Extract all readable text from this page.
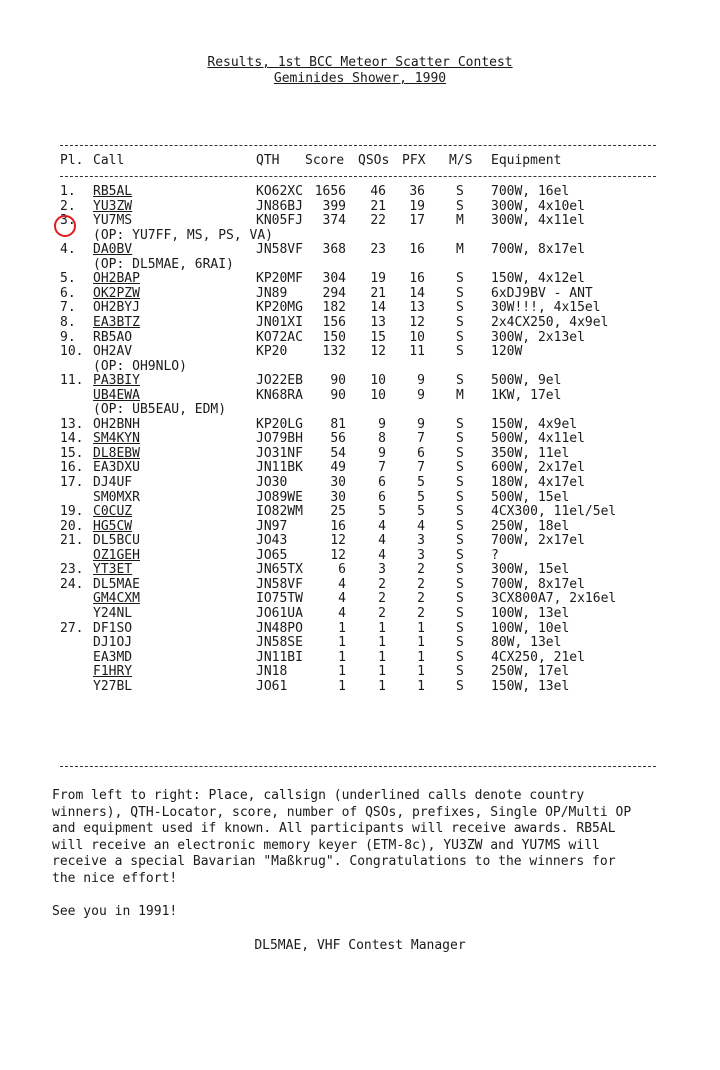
Results, 1st BCC Meteor Scatter Contest
Geminides Shower, 1990
Pl. Call	QTH Score QSOs PFX M/S Equipment
1. RB5AL	KO62XC 1656	46	36 S 700W, 16el
2. YU3ZW	JN86BJ	399	21	19 S 300W, 4x10el
3. YU7MS	KN05FJ	374	22	17 M 300W, 4x11el
(OP: YU7FF, MS, PS, VA)
4. DA0BV	JN58VF	368	23	16 M 700W, 8x17el
(OP: DL5MAE, 6RAI)
5. OH2BAP	KP20MF	304	19	16 S 150W, 4x12el
6. OK2PZW	JN89	294	21	14 S 6xDJ9BV - ANT
7. OH2BYJ	KP20MG	182	14	13 S 30W!!!, 4x15el
8. EA3BTZ	JN01XI	156	13	12 S 2x4CX250, 4x9el
9. RB5AO	KO72AC	150	15	10 S 300W, 2x13el
10. OH2AV	KP20	132	12	11 S 120W
(OP: OH9NLO)
11. PA3BIY	JO22EB	90	10	9 S 500W, 9el
UB4EWA	KN68RA	90	10	9 M 1KW, 17el
(OP: UB5EAU, EDM)
13. OH2BNH	KP20LG	81	9	9 S 150W, 4x9el
14. SM4KYN	JO79BH	56	8	7 S 500W, 4x11el
15. DL8EBW	JO31NF	54	9	6 S 350W, 11el
16. EA3DXU	JN11BK	49	7	7 S 600W, 2x17el
17. DJ4UF	JO30	30	6	5 S 180W, 4x17el
SM0MXR	JO89WE	30	6	5 S 500W, 15el
19. C0CUZ	IO82WM	25	5	5 S 4CX300, 11el/5el
20. HG5CW	JN97	16	4	4 S 250W, 18el
21. DL5BCU	JO43	12	4	3 S 700W, 2x17el
OZ1GEH	JO65	12	4	3 S ?
23. YT3ET	JN65TX	6	3	2 S 300W, 15el
24. DL5MAE	JN58VF	4	2	2 S 700W, 8x17el
GM4CXM	IO75TW	4	2	2 S 3CX800A7, 2x16el
Y24NL	JO61UA	4	2	2 S 100W, 13el
27. DF1SO	JN48PO	1	1	1 S 100W, 10el
DJ1OJ	JN58SE	1	1	1 S 80W, 13el
EA3MD	JN11BI	1	1	1 S 4CX250, 21el
F1HRY	JN18	1	1	1 S 250W, 17el
Y27BL	JO61	1	1	1 S 150W, 13el
From left to right: Place, callsign (underlined calls denote country
winners), QTH-Locator, score, number of QSOs, prefixes, Single OP/Multi OP
and equipment used if known. All participants will receive awards. RB5AL
will receive an electronic memory keyer (ETM-8c), YU3ZW and YU7MS will
receive a special Bavarian "Maßkrug". Congratulations to the winners for
the nice effort!
See you in 1991!
DL5MAE, VHF Contest Manager
